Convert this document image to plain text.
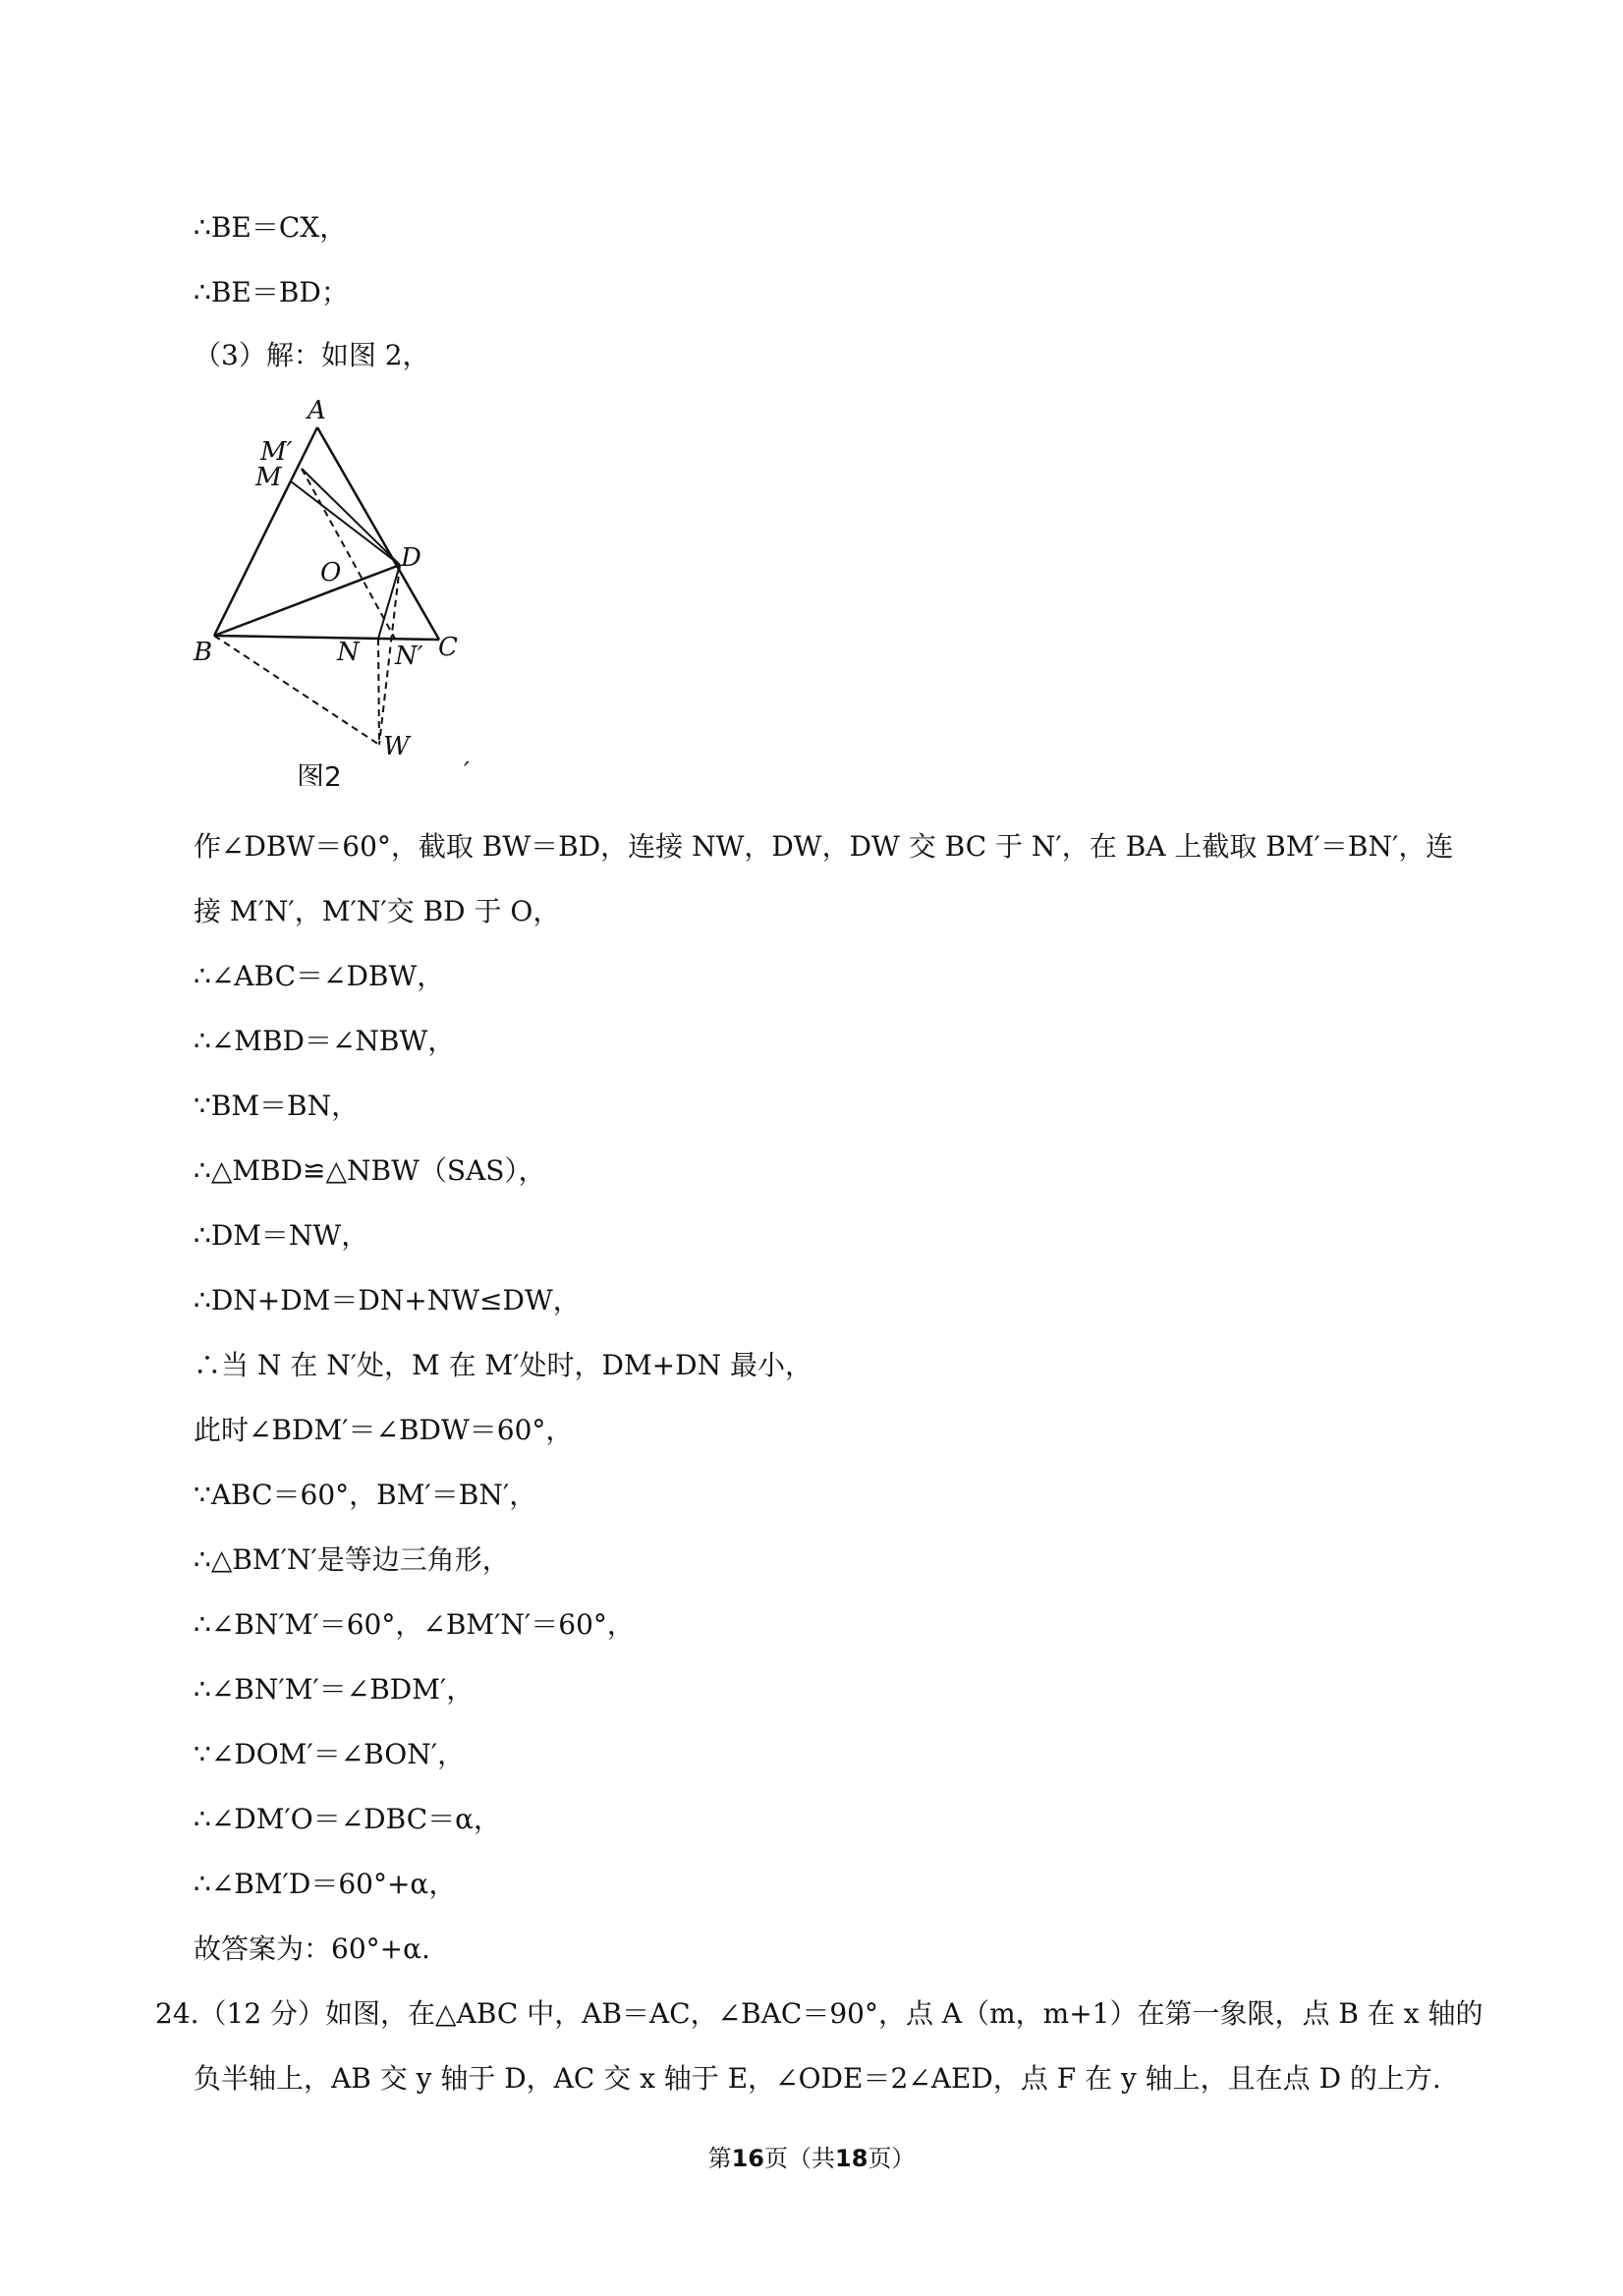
∴BE＝CX，
∴BE＝BD；
（3）解：如图 2，
A
M′
M
O D
B	N N′ C
W
图2	′
作∠DBW＝60°，截取 BW＝BD，连接 NW，DW，DW 交 BC 于 N′，在 BA 上截取 BM′＝BN′，连
接 M′N′，M′N′交 BD 于 O，
∴∠ABC＝∠DBW，
∴∠MBD＝∠NBW，
∵BM＝BN，
∴△MBD≌△NBW（SAS），
∴DM＝NW，
∴DN+DM＝DN+NW≤DW，
∴当 N 在 N′处，M 在 M′处时，DM+DN 最小，
此时∠BDM′＝∠BDW＝60°，
∵ABC＝60°，BM′＝BN′，
∴△BM′N′是等边三角形，
∴∠BN′M′＝60°，∠BM′N′＝60°，
∴∠BN′M′＝∠BDM′，
∵∠DOM′＝∠BON′，
∴∠DM′O＝∠DBC＝α，
∴∠BM′D＝60°+α，
故答案为：60°+α.
24.（12 分）如图，在△ABC 中，AB＝AC，∠BAC＝90°，点 A（m，m+1）在第一象限，点 B 在 x 轴的
负半轴上，AB 交 y 轴于 D，AC 交 x 轴于 E，∠ODE＝2∠AED，点 F 在 y 轴上，且在点 D 的上方.
第16页（共18页）
